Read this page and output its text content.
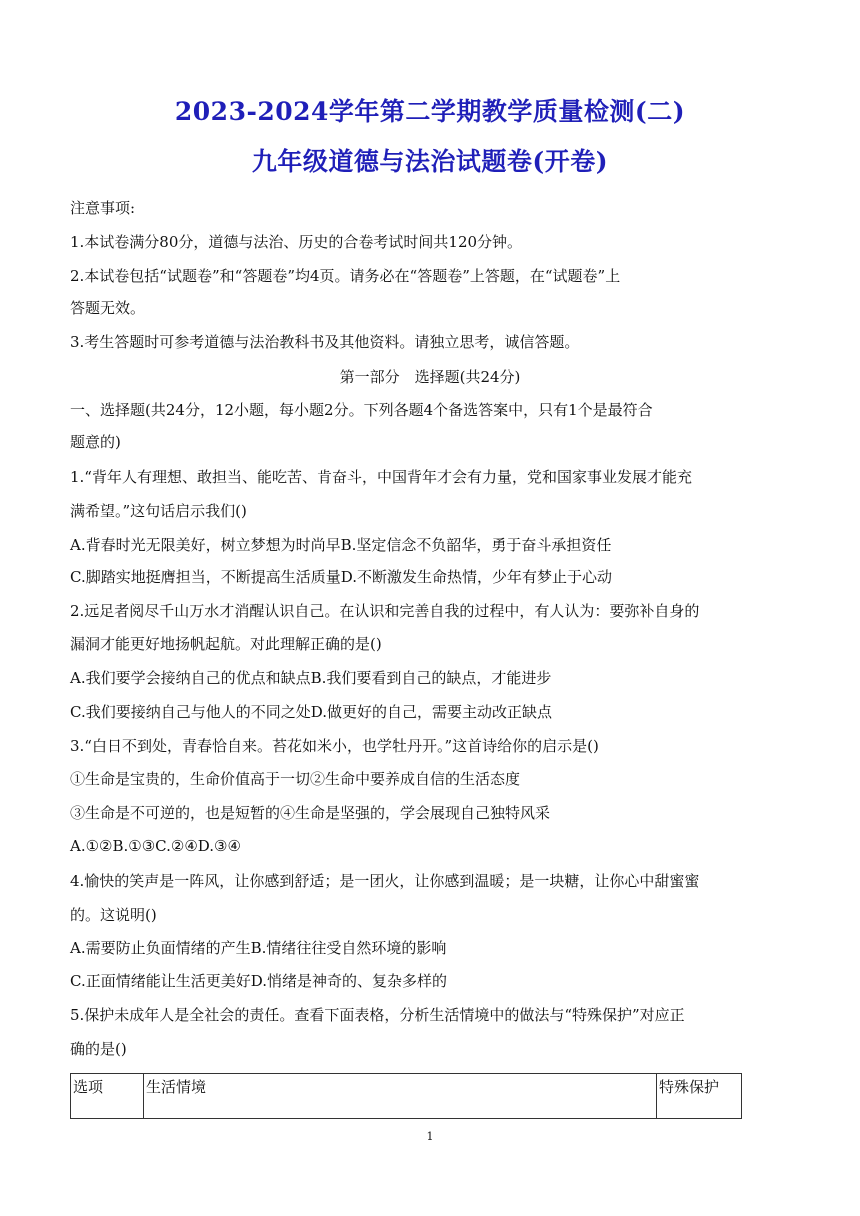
2023-2024学年第二学期教学质量检测(二)
九年级道德与法治试题卷(开卷)
注意事项:
1.本试卷满分80分，道德与法治、历史的合卷考试时间共120分钟。
2.本试卷包括“试题卷”和“答题卷”均4页。请务必在“答题卷”上答题，在“试题卷”上
答题无效。
3.考生答题时可参考道德与法治教科书及其他资料。请独立思考，诚信答题。
第一部分　选择题(共24分)
一、选择题(共24分，12小题，每小题2分。下列各题4个备选答案中，只有1个是最符合
题意的)
1.“背年人有理想、敢担当、能吃苦、肯奋斗，中国背年才会有力量，党和国家事业发展才能充
满希望。”这句话启示我们()
A.背春时光无限美好，树立梦想为时尚早B.坚定信念不负韶华，勇于奋斗承担资任
C.脚踏实地挺膺担当，不断提高生活质量D.不断激发生命热情，少年有梦止于心动
2.远足者阅尽千山万水才消醒认识自己。在认识和完善自我的过程中，有人认为：要弥补自身的
漏洞才能更好地扬帆起航。对此理解正确的是()
A.我们要学会接纳自己的优点和缺点B.我们要看到自己的缺点，才能进步
C.我们要接纳自己与他人的不同之处D.做更好的自己，需要主动改正缺点
3.“白日不到处，青春恰自来。苔花如米小，也学牡丹开。”这首诗给你的启示是()
①生命是宝贵的，生命价值高于一切②生命中要养成自信的生活态度
③生命是不可逆的，也是短暂的④生命是坚强的，学会展现自己独特风采
A.①②B.①③C.②④D.③④
4.愉快的笑声是一阵风，让你感到舒适；是一团火，让你感到温暖；是一块糖，让你心中甜蜜蜜
的。这说明()
A.需要防止负面情绪的产生B.情绪往往受自然环境的影响
C.正面情绪能让生活更美好D.悄绪是神奇的、复杂多样的
5.保护未成年人是全社会的责任。查看下面表格，分析生活情境中的做法与“特殊保护”对应正
确的是()
选项	生活情境	特殊保护
1
